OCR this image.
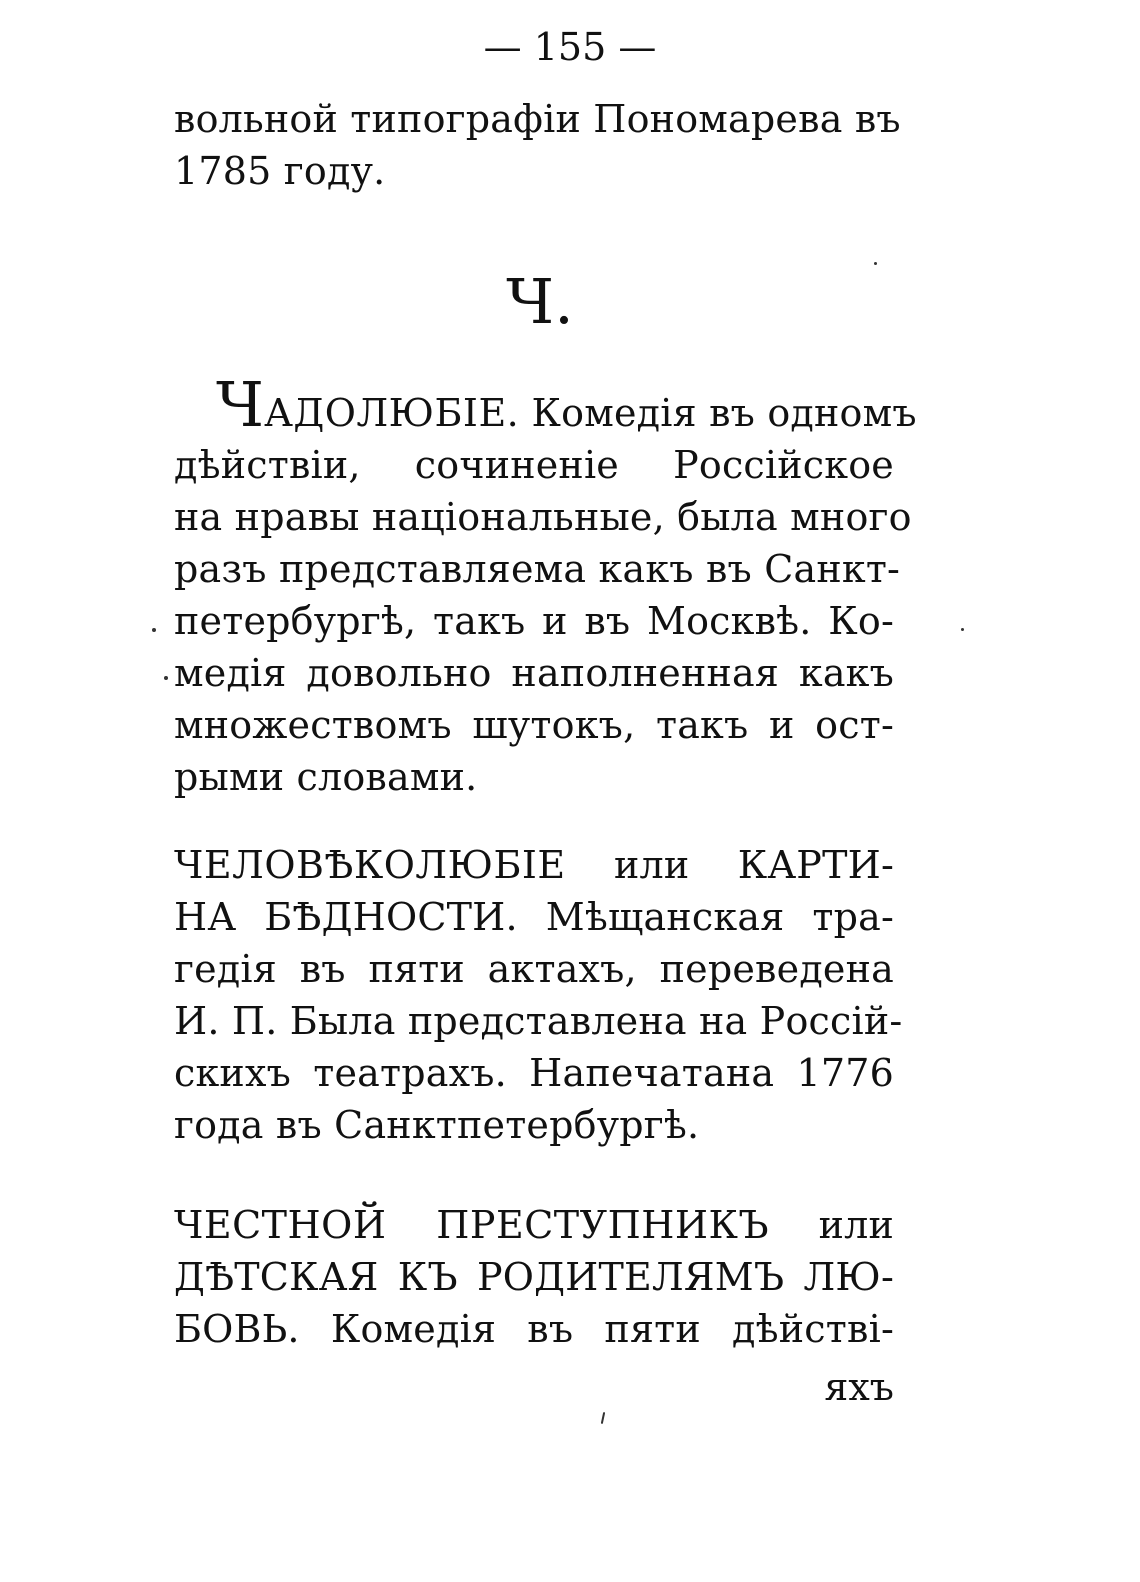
— 155 —
вольной типографіи Пономарева въ
1785 году.
Ч.
ЧАДОЛЮБІЕ. Комедія въ одномъ
дѣйствіи, сочиненіе Россійское
на нравы національные, была много
разъ представляема какъ въ Санкт-
петербургѣ, такъ и въ Москвѣ. Ко-
медія довольно наполненная какъ
множествомъ шутокъ, такъ и ост-
рыми словами.
ЧЕЛОВѢКОЛЮБІЕ или КАРТИ-
НА БѢДНОСТИ. Мѣщанская тра-
гедія въ пяти актахъ, переведена
И. П. Была представлена на Россій-
скихъ театрахъ. Напечатана 1776
года въ Санктпетербургѣ.
ЧЕСТНОЙ ПРЕСТУПНИКЪ или
ДѢТСКАЯ КЪ РОДИТЕЛЯМЪ ЛЮ-
БОВЬ. Комедія въ пяти дѣйстві-
яхъ
